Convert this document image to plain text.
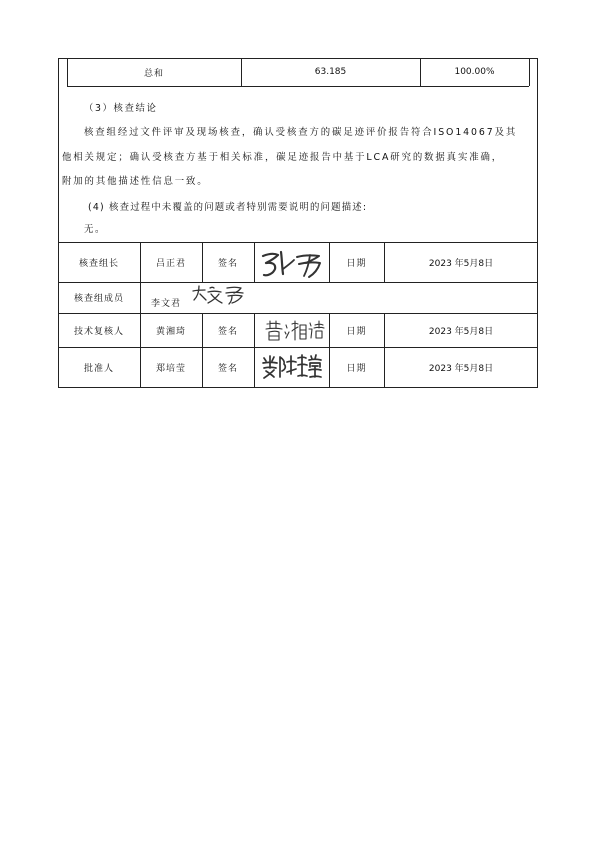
总和	63.185	100.00%
（3）核查结论
核查组经过文件评审及现场核查，确认受核查方的碳足迹评价报告符合ISO14067及其
他相关规定；确认受核查方基于相关标准，碳足迹报告中基于LCA研究的数据真实准确，
附加的其他描述性信息一致。
(4) 核查过程中未覆盖的问题或者特别需要说明的问题描述:
无。
核查组长	吕正君	签名	日期	2023 年5月8日
核查组成员	李文君
技术复核人	黄湘琦	签名	日期	2023 年5月8日
批准人	郑培莹	签名	日期	2023 年5月8日
